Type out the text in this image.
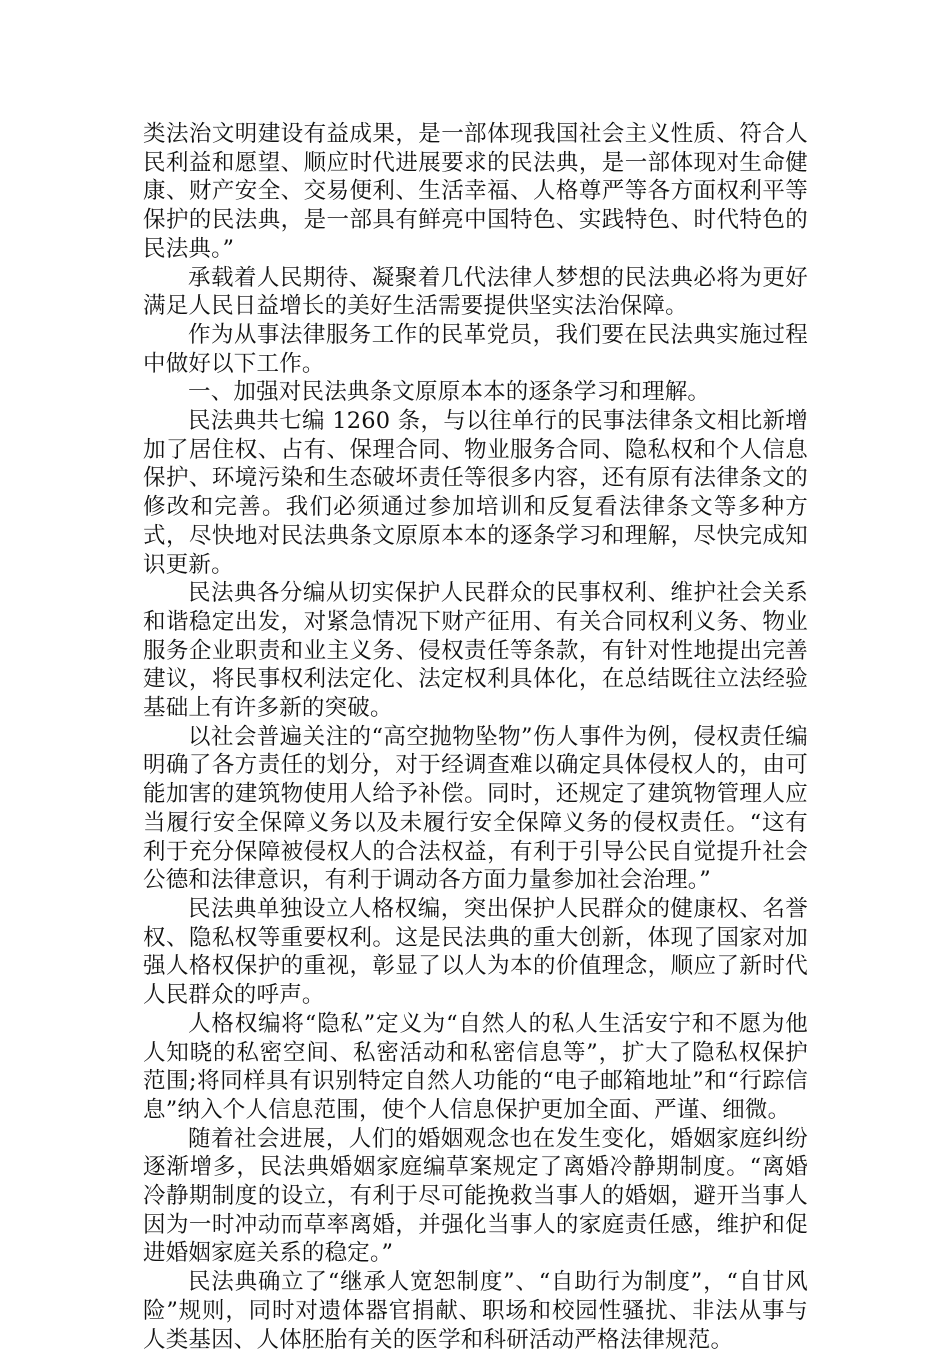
类法治文明建设有益成果，是一部体现我国社会主义性质、符合人民利益和愿望、顺应时代进展要求的民法典，是一部体现对生命健康、财产安全、交易便利、生活幸福、人格尊严等各方面权利平等保护的民法典，是一部具有鲜亮中国特色、实践特色、时代特色的民法典。”

承载着人民期待、凝聚着几代法律人梦想的民法典必将为更好满足人民日益增长的美好生活需要提供坚实法治保障。

作为从事法律服务工作的民革党员，我们要在民法典实施过程中做好以下工作。

一、加强对民法典条文原原本本的逐条学习和理解。

民法典共七编 1260 条，与以往单行的民事法律条文相比新增加了居住权、占有、保理合同、物业服务合同、隐私权和个人信息保护、环境污染和生态破坏责任等很多内容，还有原有法律条文的修改和完善。我们必须通过参加培训和反复看法律条文等多种方式，尽快地对民法典条文原原本本的逐条学习和理解，尽快完成知识更新。

民法典各分编从切实保护人民群众的民事权利、维护社会关系和谐稳定出发，对紧急情况下财产征用、有关合同权利义务、物业服务企业职责和业主义务、侵权责任等条款，有针对性地提出完善建议，将民事权利法定化、法定权利具体化，在总结既往立法经验基础上有许多新的突破。

以社会普遍关注的“高空抛物坠物”伤人事件为例，侵权责任编明确了各方责任的划分，对于经调查难以确定具体侵权人的，由可能加害的建筑物使用人给予补偿。同时，还规定了建筑物管理人应当履行安全保障义务以及未履行安全保障义务的侵权责任。“这有利于充分保障被侵权人的合法权益，有利于引导公民自觉提升社会公德和法律意识，有利于调动各方面力量参加社会治理。”

民法典单独设立人格权编，突出保护人民群众的健康权、名誉权、隐私权等重要权利。这是民法典的重大创新，体现了国家对加强人格权保护的重视，彰显了以人为本的价值理念，顺应了新时代人民群众的呼声。

人格权编将“隐私”定义为“自然人的私人生活安宁和不愿为他人知晓的私密空间、私密活动和私密信息等”，扩大了隐私权保护范围;将同样具有识别特定自然人功能的“电子邮箱地址”和“行踪信息”纳入个人信息范围，使个人信息保护更加全面、严谨、细微。

随着社会进展，人们的婚姻观念也在发生变化，婚姻家庭纠纷逐渐增多，民法典婚姻家庭编草案规定了离婚冷静期制度。“离婚冷静期制度的设立，有利于尽可能挽救当事人的婚姻，避开当事人因为一时冲动而草率离婚，并强化当事人的家庭责任感，维护和促进婚姻家庭关系的稳定。”

民法典确立了“继承人宽恕制度”、“自助行为制度”，“自甘风险”规则，同时对遗体器官捐献、职场和校园性骚扰、非法从事与人类基因、人体胚胎有关的医学和科研活动严格法律规范。
